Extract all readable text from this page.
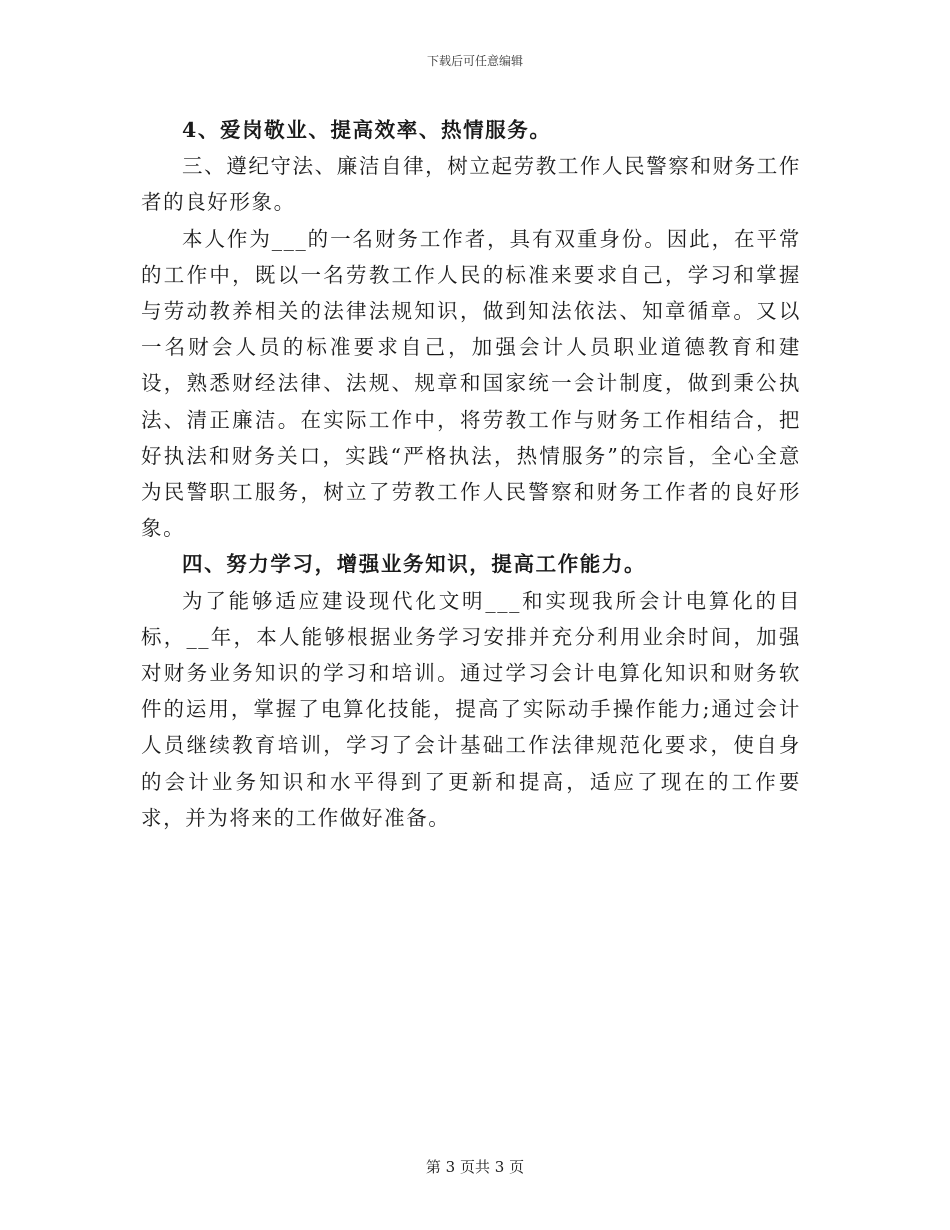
下载后可任意编辑

4、爱岗敬业、提高效率、热情服务。

三、遵纪守法、廉洁自律，树立起劳教工作人民警察和财务工作者的良好形象。

本人作为___的一名财务工作者，具有双重身份。因此，在平常的工作中，既以一名劳教工作人民的标准来要求自己，学习和掌握与劳动教养相关的法律法规知识，做到知法依法、知章循章。又以一名财会人员的标准要求自己，加强会计人员职业道德教育和建设，熟悉财经法律、法规、规章和国家统一会计制度，做到秉公执法、清正廉洁。在实际工作中，将劳教工作与财务工作相结合，把好执法和财务关口，实践“严格执法，热情服务”的宗旨，全心全意为民警职工服务，树立了劳教工作人民警察和财务工作者的良好形象。

四、努力学习，增强业务知识，提高工作能力。

为了能够适应建设现代化文明___和实现我所会计电算化的目标，__年，本人能够根据业务学习安排并充分利用业余时间，加强对财务业务知识的学习和培训。通过学习会计电算化知识和财务软件的运用，掌握了电算化技能，提高了实际动手操作能力;通过会计人员继续教育培训，学习了会计基础工作法律规范化要求，使自身的会计业务知识和水平得到了更新和提高，适应了现在的工作要求，并为将来的工作做好准备。

第 3 页共 3 页
